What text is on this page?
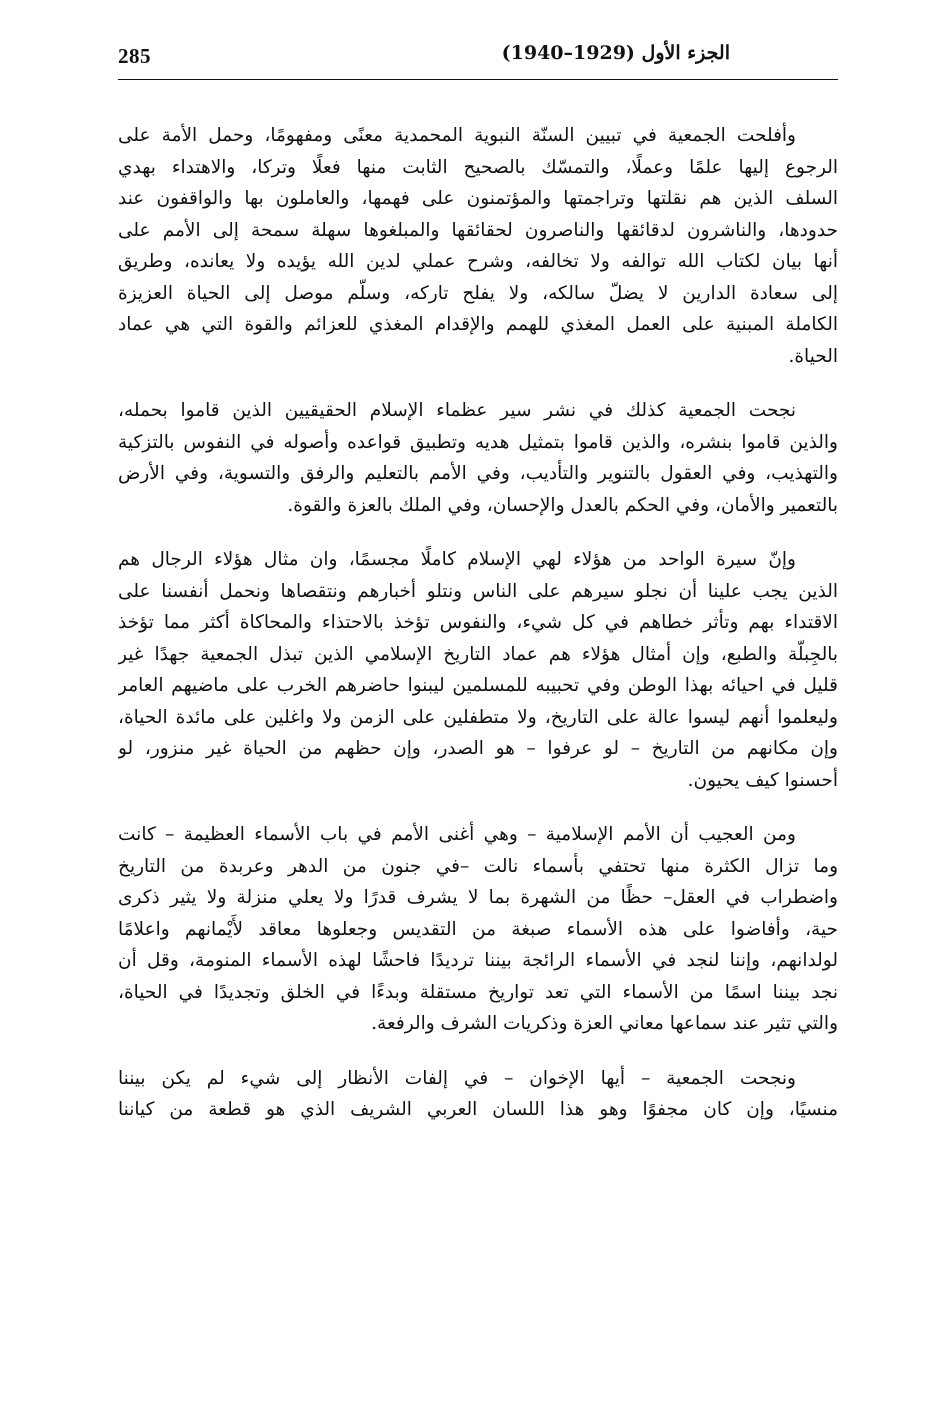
285	الجزء الأول (1929–1940)
وأفلحت الجمعية في تبيين السنّة النبوية المحمدية معنًى ومفهومًا، وحمل الأمة على
الرجوع إليها علمًا وعملًا، والتمسّك بالصحيح الثابت منها فعلًا وتركا، والاهتداء بهدي
السلف الذين هم نقلتها وتراجمتها والمؤتمنون على فهمها، والعاملون بها والواقفون عند
حدودها، والناشرون لدقائقها والناصرون لحقائقها والمبلغوها سهلة سمحة إلى الأمم على
أنها بيان لكتاب الله توالفه ولا تخالفه، وشرح عملي لدين الله يؤيده ولا يعانده، وطريق
إلى سعادة الدارين لا يضلّ سالكه، ولا يفلح تاركه، وسلّم موصل إلى الحياة العزيزة
الكاملة المبنية على العمل المغذي للهمم والإقدام المغذي للعزائم والقوة التي هي عماد
الحياة.
نجحت الجمعية كذلك في نشر سير عظماء الإسلام الحقيقيين الذين قاموا بحمله،
والذين قاموا بنشره، والذين قاموا بتمثيل هديه وتطبيق قواعده وأصوله في النفوس بالتزكية
والتهذيب، وفي العقول بالتنوير والتأديب، وفي الأمم بالتعليم والرفق والتسوية، وفي الأرض
بالتعمير والأمان، وفي الحكم بالعدل والإحسان، وفي الملك بالعزة والقوة.
وإنّ سيرة الواحد من هؤلاء لهي الإسلام كاملًا مجسمًا، وان مثال هؤلاء الرجال هم
الذين يجب علينا أن نجلو سيرهم على الناس ونتلو أخبارهم ونتقصاها ونحمل أنفسنا على
الاقتداء بهم وتأثر خطاهم في كل شيء، والنفوس تؤخذ بالاحتذاء والمحاكاة أكثر مما تؤخذ
بالجِبلّة والطبع، وإن أمثال هؤلاء هم عماد التاريخ الإسلامي الذين تبذل الجمعية جهدًا غير
قليل في احيائه بهذا الوطن وفي تحبيبه للمسلمين ليبنوا حاضرهم الخرب على ماضيهم العامر
وليعلموا أنهم ليسوا عالة على التاريخ، ولا متطفلين على الزمن ولا واغلين على مائدة الحياة،
وإن مكانهم من التاريخ – لو عرفوا – هو الصدر، وإن حظهم من الحياة غير منزور، لو
أحسنوا كيف يحيون.
ومن العجيب أن الأمم الإسلامية – وهي أغنى الأمم في باب الأسماء العظيمة – كانت
وما تزال الكثرة منها تحتفي بأسماء نالت –في جنون من الدهر وعربدة من التاريخ
واضطراب في العقل– حظًا من الشهرة بما لا يشرف قدرًا ولا يعلي منزلة ولا يثير ذكرى
حية، وأفاضوا على هذه الأسماء صبغة من التقديس وجعلوها معاقد لأَيْمانهم واعلامًا
لولدانهم، وإننا لنجد في الأسماء الرائجة بيننا ترديدًا فاحشًا لهذه الأسماء المنومة، وقل أن
نجد بيننا اسمًا من الأسماء التي تعد تواريخ مستقلة وبدءًا في الخلق وتجديدًا في الحياة،
والتي تثير عند سماعها معاني العزة وذكريات الشرف والرفعة.
ونجحت الجمعية – أيها الإخوان – في إلفات الأنظار إلى شيء لم يكن بيننا
منسيًا، وإن كان مجفوًا وهو هذا اللسان العربي الشريف الذي هو قطعة من كياننا
